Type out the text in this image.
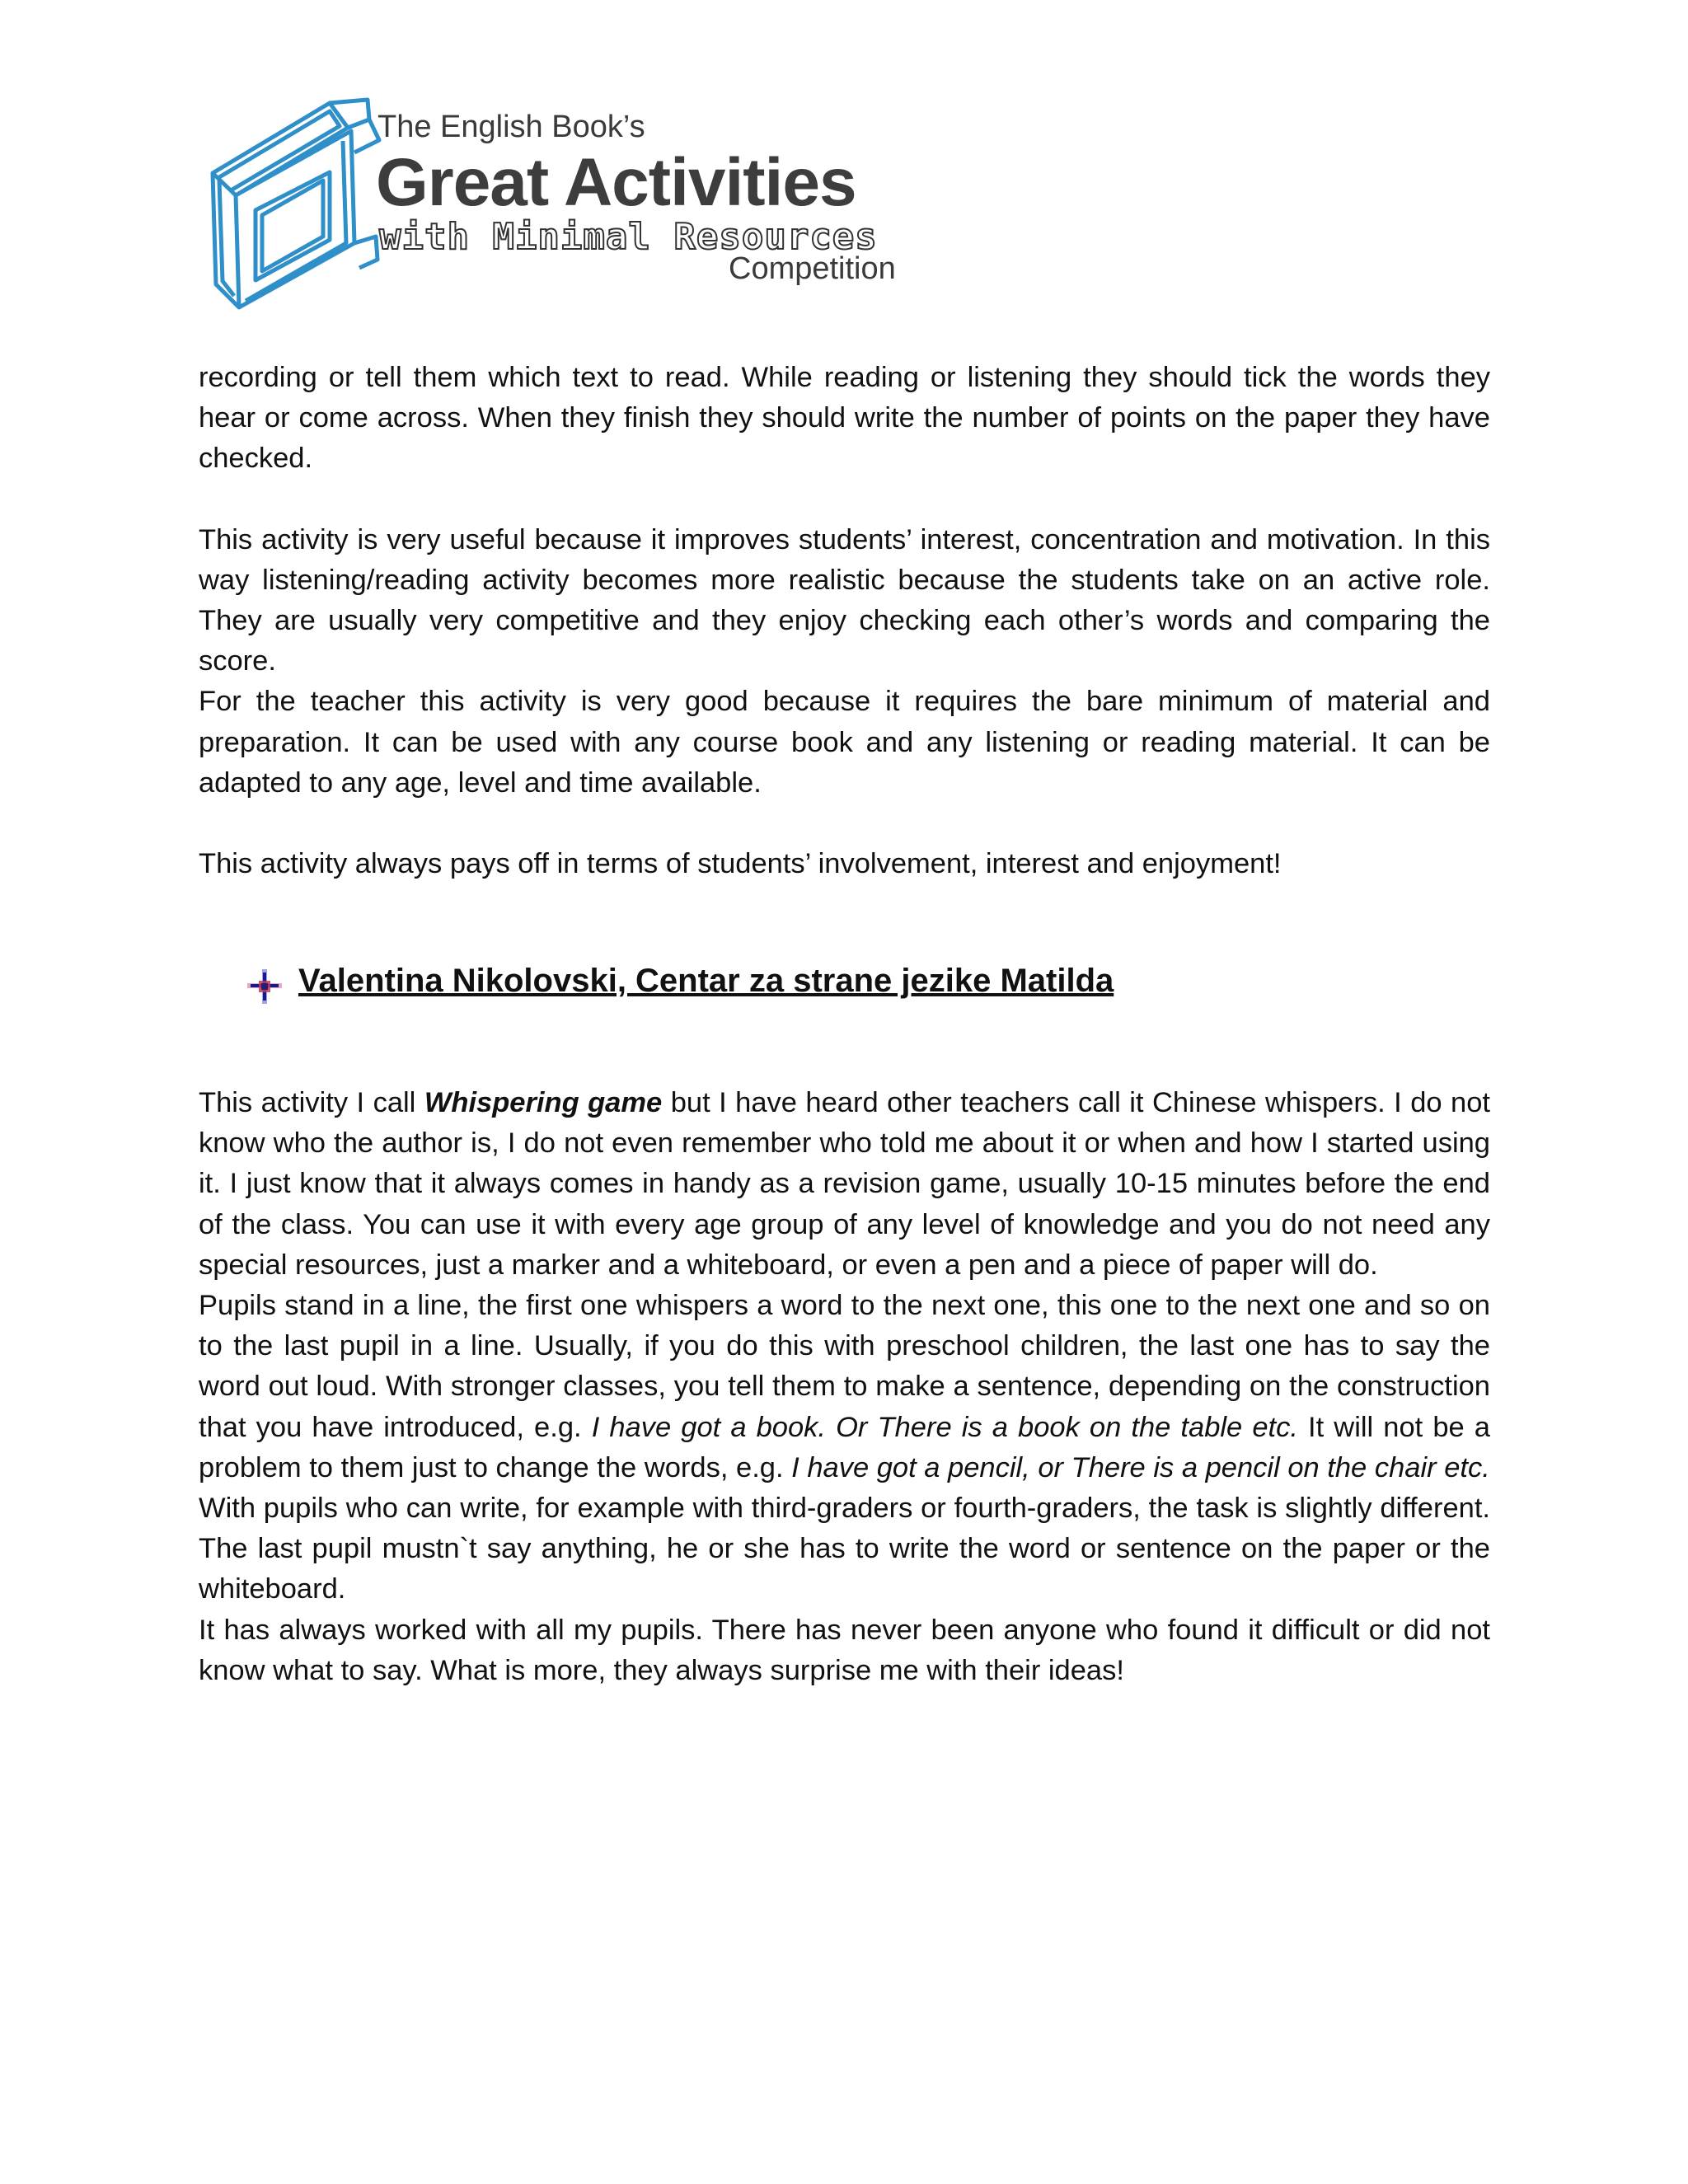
The English Book’s
Great Activities
with Minimal Resources
Competition

recording or tell them which text to read. While reading or listening they should tick the words they hear or come across. When they finish they should write the number of points on the paper they have checked.

This activity is very useful because it improves students’ interest, concentration and motivation. In this way listening/reading activity becomes more realistic because the students take on an active role. They are usually very competitive and they enjoy checking each other’s words and comparing the score.

For the teacher this activity is very good because it requires the bare minimum of material and preparation. It can be used with any course book and any listening or reading material. It can be adapted to any age, level and time available.

This activity always pays off in terms of students’ involvement, interest and enjoyment!

Valentina Nikolovski, Centar za strane jezike Matilda

This activity I call Whispering game but I have heard other teachers call it Chinese whispers. I do not know who the author is, I do not even remember who told me about it or when and how I started using it. I just know that it always comes in handy as a revision game, usually 10-15 minutes before the end of the class. You can use it with every age group of any level of knowledge and you do not need any special resources, just a marker and a whiteboard, or even a pen and a piece of paper will do.

Pupils stand in a line, the first one whispers a word to the next one, this one to the next one and so on to the last pupil in a line. Usually, if you do this with preschool children, the last one has to say the word out loud. With stronger classes, you tell them to make a sentence, depending on the construction that you have introduced, e.g. I have got a book. Or There is a book on the table etc. It will not be a problem to them just to change the words, e.g. I have got a pencil, or There is a pencil on the chair etc.

With pupils who can write, for example with third-graders or fourth-graders, the task is slightly different. The last pupil mustn`t say anything, he or she has to write the word or sentence on the paper or the whiteboard.

It has always worked with all my pupils. There has never been anyone who found it difficult or did not know what to say. What is more, they always surprise me with their ideas!
